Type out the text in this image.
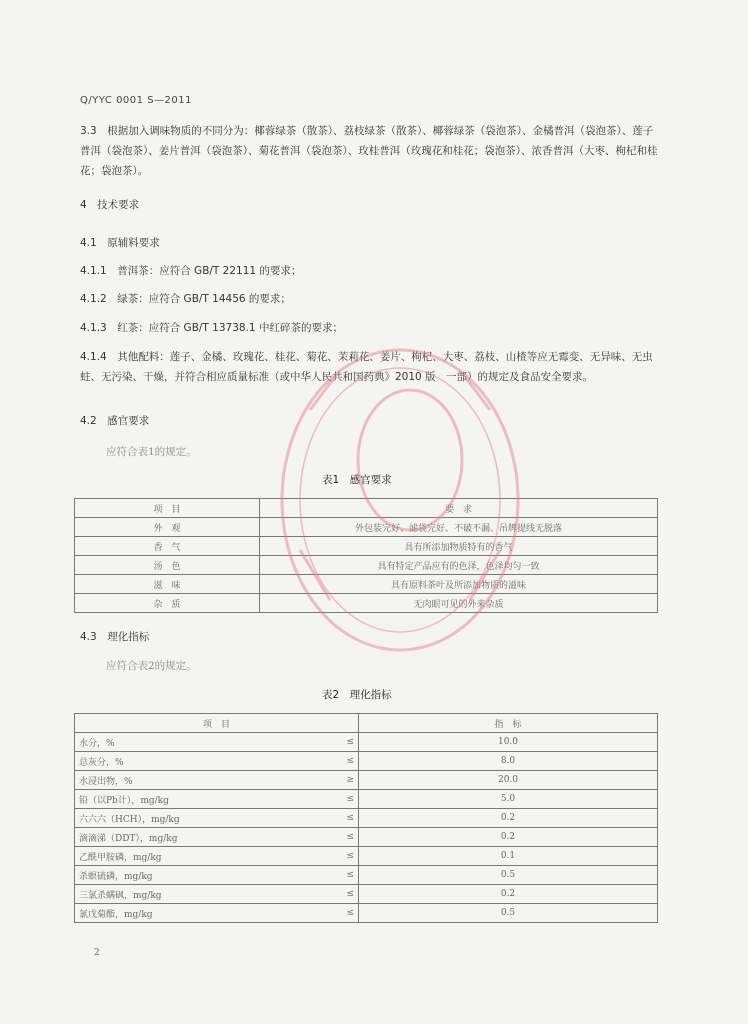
Q/YYC 0001 S—2011
3.3　根据加入调味物质的不同分为：椰蓉绿茶（散茶）、荔枝绿茶（散茶）、椰蓉绿茶（袋泡茶）、金橘普洱（袋泡茶）、莲子普洱（袋泡茶）、姜片普洱（袋泡茶）、菊花普洱（袋泡茶）、玫桂普洱（玫瑰花和桂花；袋泡茶）、浓香普洱（大枣、枸杞和桂花；袋泡茶）。
4　技术要求
4.1　原辅料要求
4.1.1　普洱茶：应符合 GB/T 22111 的要求；
4.1.2　绿茶：应符合 GB/T 14456 的要求；
4.1.3　红茶：应符合 GB/T 13738.1 中红碎茶的要求；
4.1.4　其他配料：莲子、金橘、玫瑰花、桂花、菊花、茉莉花、姜片、枸杞、大枣、荔枝、山楂等应无霉变、无异味、无虫蛀、无污染、干燥，并符合相应质量标准（或中华人民共和国药典》2010 版　一部）的规定及食品安全要求。
4.2　感官要求
应符合表1的规定。
表1　感官要求
项　目	要　求
外　观	外包装完好、滤袋完好、不破不漏、吊牌提线无脱落
香　气	具有所添加物质特有的香气
汤　色	具有特定产品应有的色泽，色泽均匀一致
滋　味	具有原料茶叶及所添加物质的滋味
杂　质	无肉眼可见的外来杂质
4.3　理化指标
应符合表2的规定。
表2　理化指标
项　目		指　标
水分，%	≤	10.0
总灰分，%	≤	8.0
水浸出物，%	≥	20.0
铅（以Pb计），mg/kg	≤	5.0
六六六（HCH），mg/kg	≤	0.2
滴滴涕（DDT），mg/kg	≤	0.2
乙酰甲胺磷，mg/kg	≤	0.1
杀螟硫磷，mg/kg	≤	0.5
三氯杀螨砜，mg/kg	≤	0.2
氯戊菊酯，mg/kg	≤	0.5
2
